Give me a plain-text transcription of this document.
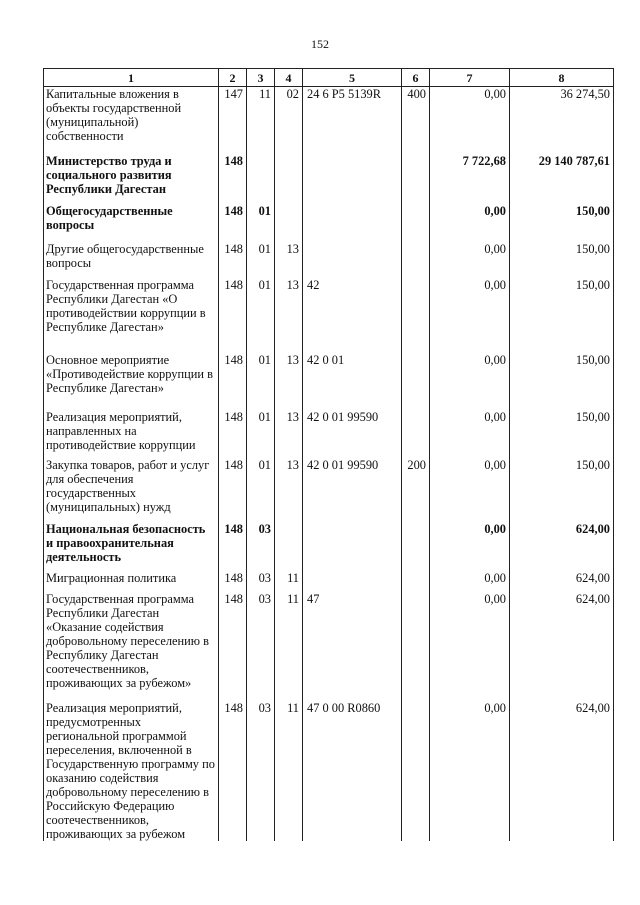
152
1	2	3	4	5	6	7	8
Капитальные вложения в объекты государственной (муниципальной) собственности	147	11	02	24 6 P5 5139R	400	0,00	36 274,50
Министерство труда и социального развития Республики Дагестан	148					7 722,68	29 140 787,61
Общегосударственные вопросы	148	01				0,00	150,00
Другие общегосударственные вопросы	148	01	13			0,00	150,00
Государственная программа Республики Дагестан «О противодействии коррупции в Республике Дагестан»	148	01	13	42		0,00	150,00
Основное мероприятие «Противодействие коррупции в Республике Дагестан»	148	01	13	42 0 01		0,00	150,00
Реализация мероприятий, направленных на противодействие коррупции	148	01	13	42 0 01 99590		0,00	150,00
Закупка товаров, работ и услуг для обеспечения государственных (муниципальных) нужд	148	01	13	42 0 01 99590	200	0,00	150,00
Национальная безопасность и правоохранительная деятельность	148	03				0,00	624,00
Миграционная политика	148	03	11			0,00	624,00
Государственная программа Республики Дагестан «Оказание содействия добровольному переселению в Республику Дагестан соотечественников, проживающих за рубежом»	148	03	11	47		0,00	624,00
Реализация мероприятий, предусмотренных региональной программой переселения, включенной в Государственную программу по оказанию содействия добровольному переселению в Российскую Федерацию соотечественников, проживающих за рубежом	148	03	11	47 0 00 R0860		0,00	624,00
